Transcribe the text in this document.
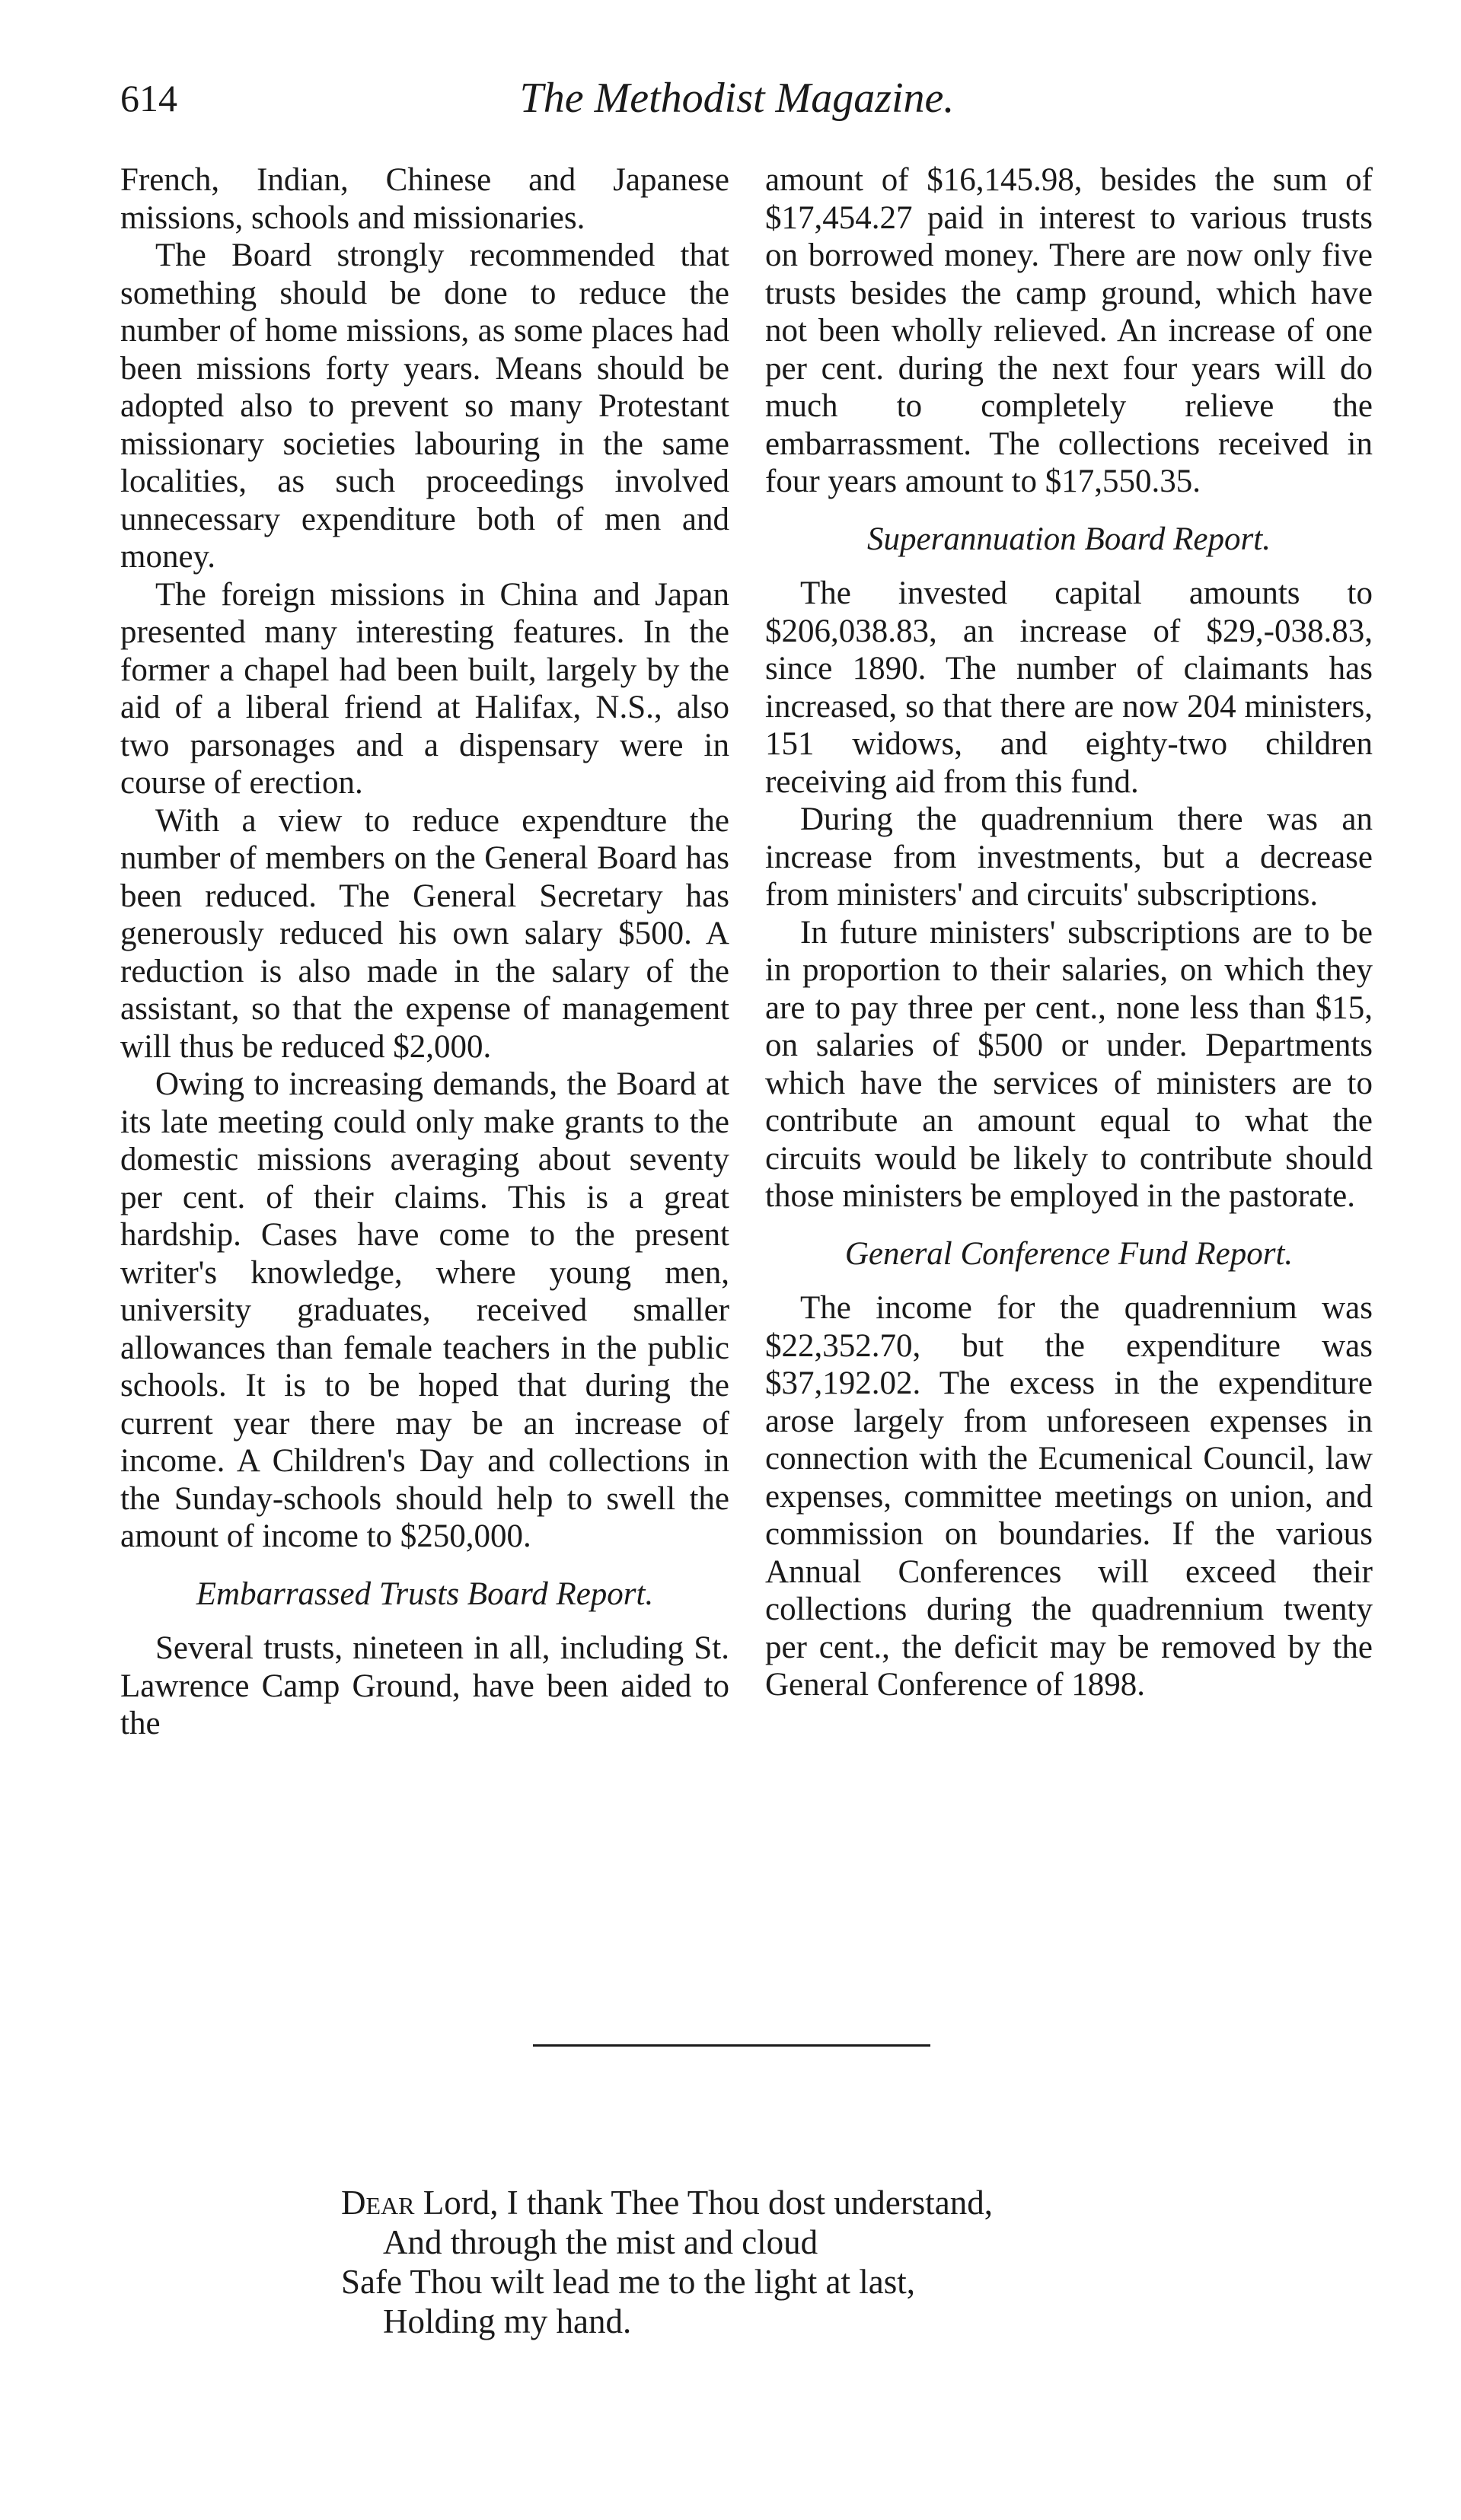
614	The Methodist Magazine.

French, Indian, Chinese and Japanese missions, schools and missionaries.

The Board strongly recommended that something should be done to reduce the number of home missions, as some places had been missions forty years. Means should be adopted also to prevent so many Protestant missionary societies labouring in the same localities, as such proceedings involved unnecessary expenditure both of men and money.

The foreign missions in China and Japan presented many interesting features. In the former a chapel had been built, largely by the aid of a liberal friend at Halifax, N.S., also two parsonages and a dispensary were in course of erection.

With a view to reduce expendture the number of members on the General Board has been reduced. The General Secretary has generously reduced his own salary $500. A reduction is also made in the salary of the assistant, so that the expense of management will thus be reduced $2,000.

Owing to increasing demands, the Board at its late meeting could only make grants to the domestic missions averaging about seventy per cent. of their claims. This is a great hardship. Cases have come to the present writer's knowledge, where young men, university graduates, received smaller allowances than female teachers in the public schools. It is to be hoped that during the current year there may be an increase of income. A Children's Day and collections in the Sunday-schools should help to swell the amount of income to $250,000.

Embarrassed Trusts Board Report.

Several trusts, nineteen in all, including St. Lawrence Camp Ground, have been aided to the

amount of $16,145.98, besides the sum of $17,454.27 paid in interest to various trusts on borrowed money. There are now only five trusts besides the camp ground, which have not been wholly relieved. An increase of one per cent. during the next four years will do much to completely relieve the embarrassment. The collections received in four years amount to $17,550.35.

Superannuation Board Report.

The invested capital amounts to $206,038.83, an increase of $29,-038.83, since 1890. The number of claimants has increased, so that there are now 204 ministers, 151 widows, and eighty-two children receiving aid from this fund.

During the quadrennium there was an increase from investments, but a decrease from ministers' and circuits' subscriptions.

In future ministers' subscriptions are to be in proportion to their salaries, on which they are to pay three per cent., none less than $15, on salaries of $500 or under. Departments which have the services of ministers are to contribute an amount equal to what the circuits would be likely to contribute should those ministers be employed in the pastorate.

General Conference Fund Report.

The income for the quadrennium was $22,352.70, but the expenditure was $37,192.02. The excess in the expenditure arose largely from unforeseen expenses in connection with the Ecumenical Council, law expenses, committee meetings on union, and commission on boundaries. If the various Annual Conferences will exceed their collections during the quadrennium twenty per cent., the deficit may be removed by the General Conference of 1898.

Dear Lord, I thank Thee Thou dost understand,
And through the mist and cloud
Safe Thou wilt lead me to the light at last,
Holding my hand.
